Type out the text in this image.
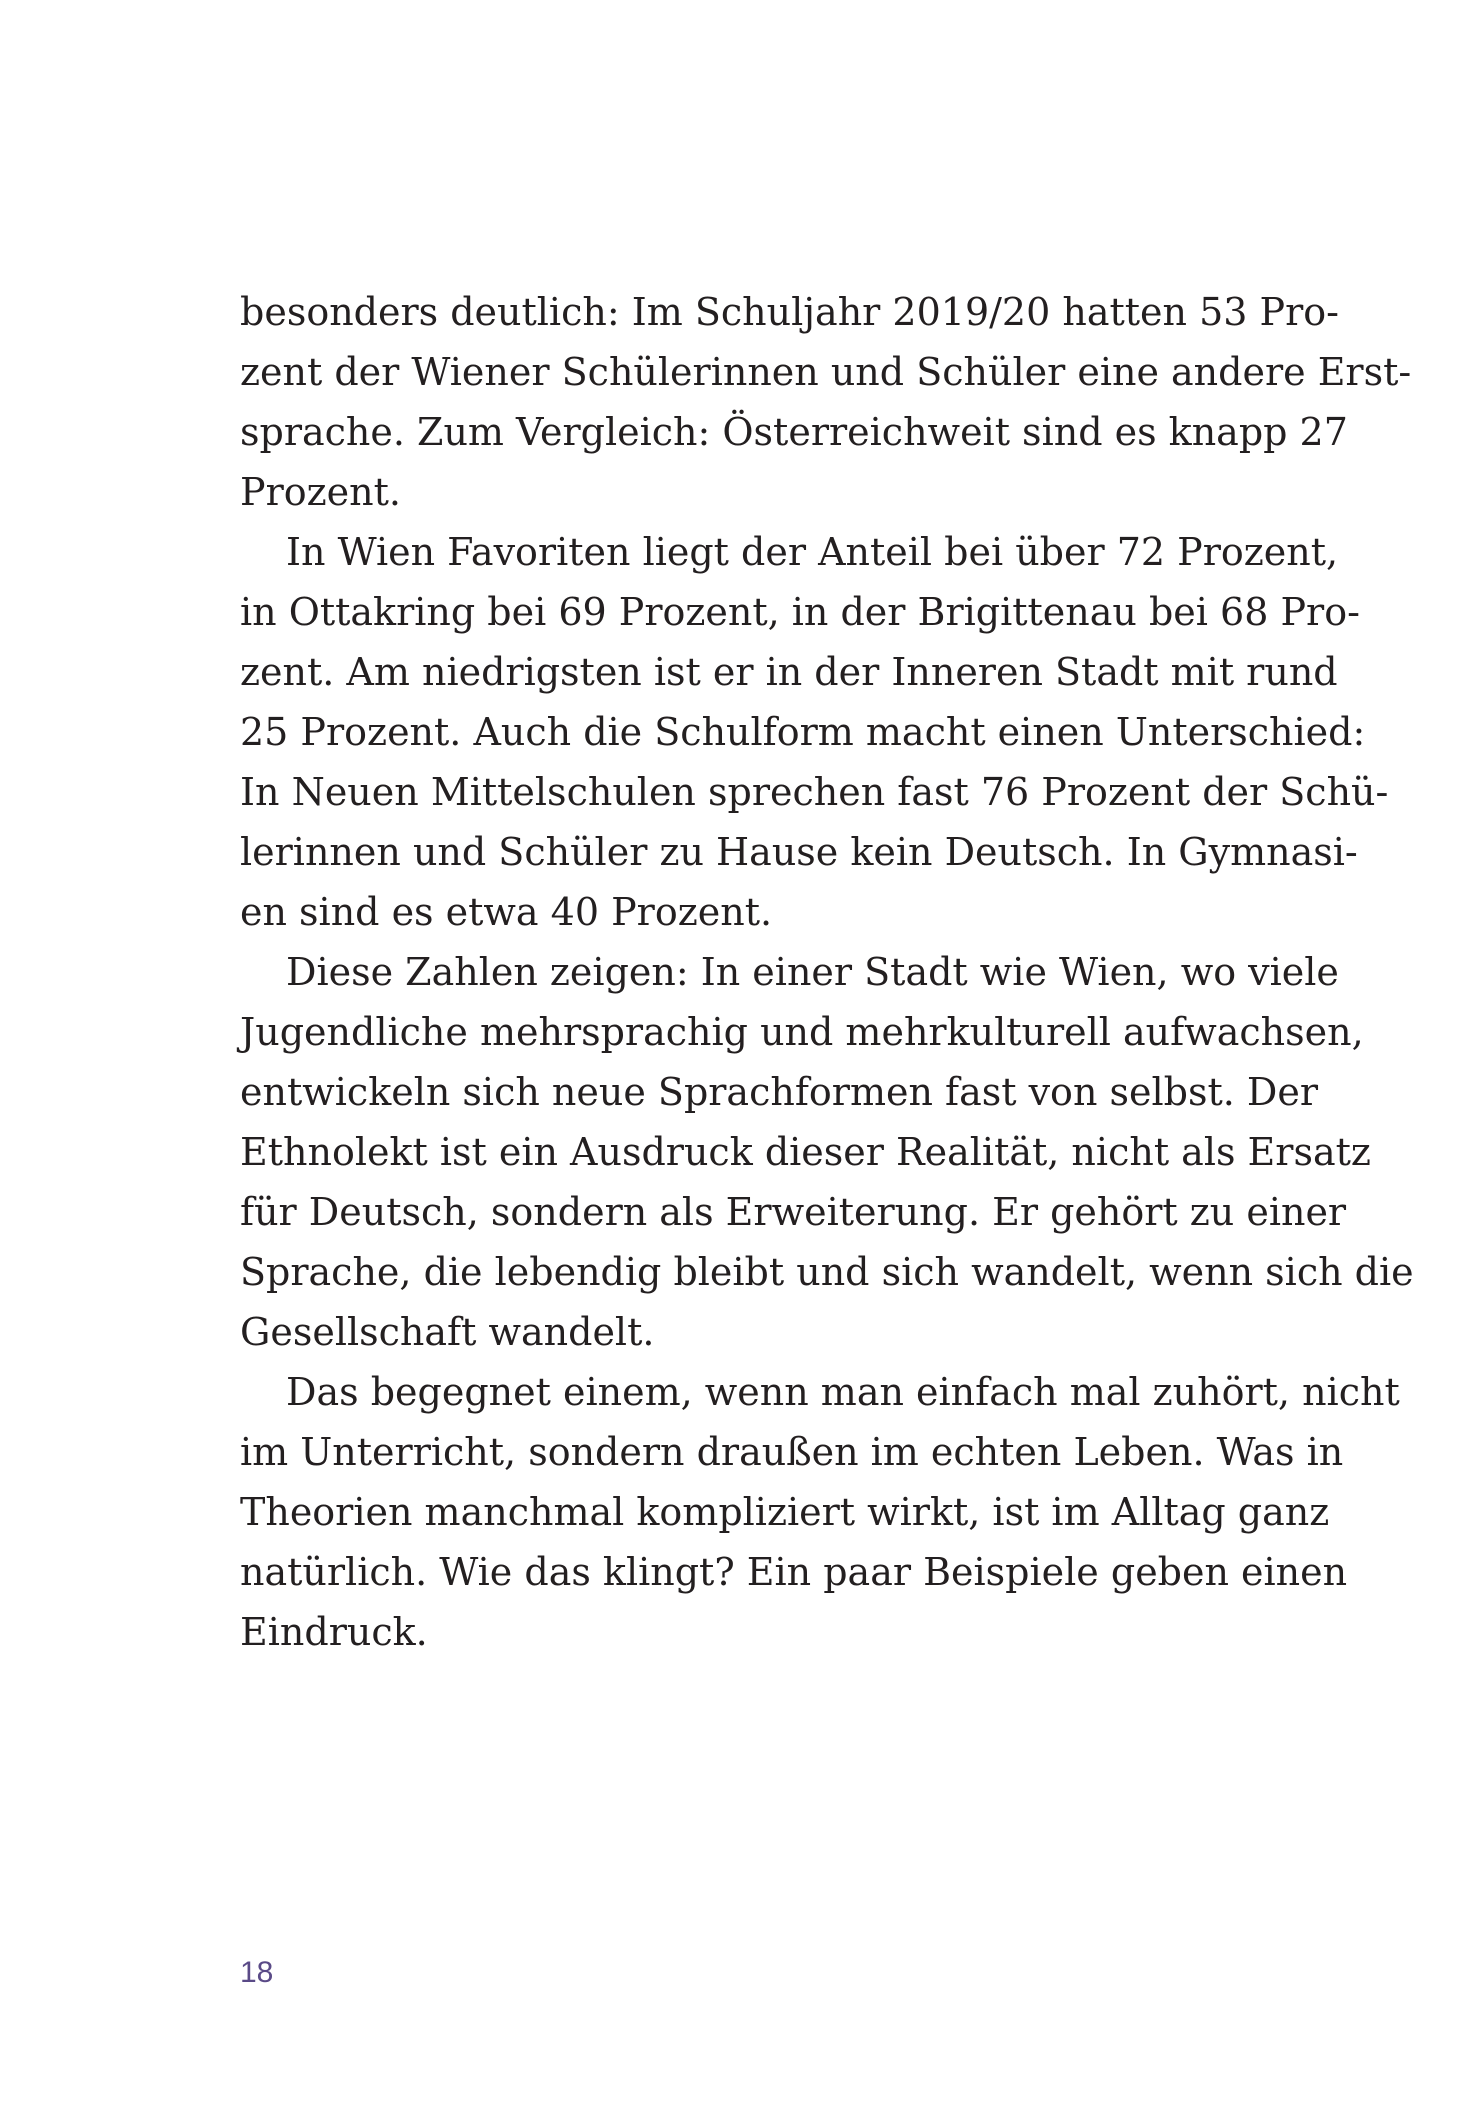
besonders deutlich: Im Schuljahr 2019/20 hatten 53 Pro-
zent der Wiener Schülerinnen und Schüler eine andere Erst-
sprache. Zum Vergleich: Österreichweit sind es knapp 27
Prozent.
In Wien Favoriten liegt der Anteil bei über 72 Prozent,
in Ottakring bei 69 Prozent, in der Brigittenau bei 68 Pro-
zent. Am niedrigsten ist er in der Inneren Stadt mit rund
25 Prozent. Auch die Schulform macht einen Unterschied:
In Neuen Mittelschulen sprechen fast 76 Prozent der Schü-
lerinnen und Schüler zu Hause kein Deutsch. In Gymnasi-
en sind es etwa 40 Prozent.
Diese Zahlen zeigen: In einer Stadt wie Wien, wo viele
Jugendliche mehrsprachig und mehrkulturell aufwachsen,
entwickeln sich neue Sprachformen fast von selbst. Der
Ethnolekt ist ein Ausdruck dieser Realität, nicht als Ersatz
für Deutsch, sondern als Erweiterung. Er gehört zu einer
Sprache, die lebendig bleibt und sich wandelt, wenn sich die
Gesellschaft wandelt.
Das begegnet einem, wenn man einfach mal zuhört, nicht
im Unterricht, sondern draußen im echten Leben. Was in
Theorien manchmal kompliziert wirkt, ist im Alltag ganz
natürlich. Wie das klingt? Ein paar Beispiele geben einen
Eindruck.
18
